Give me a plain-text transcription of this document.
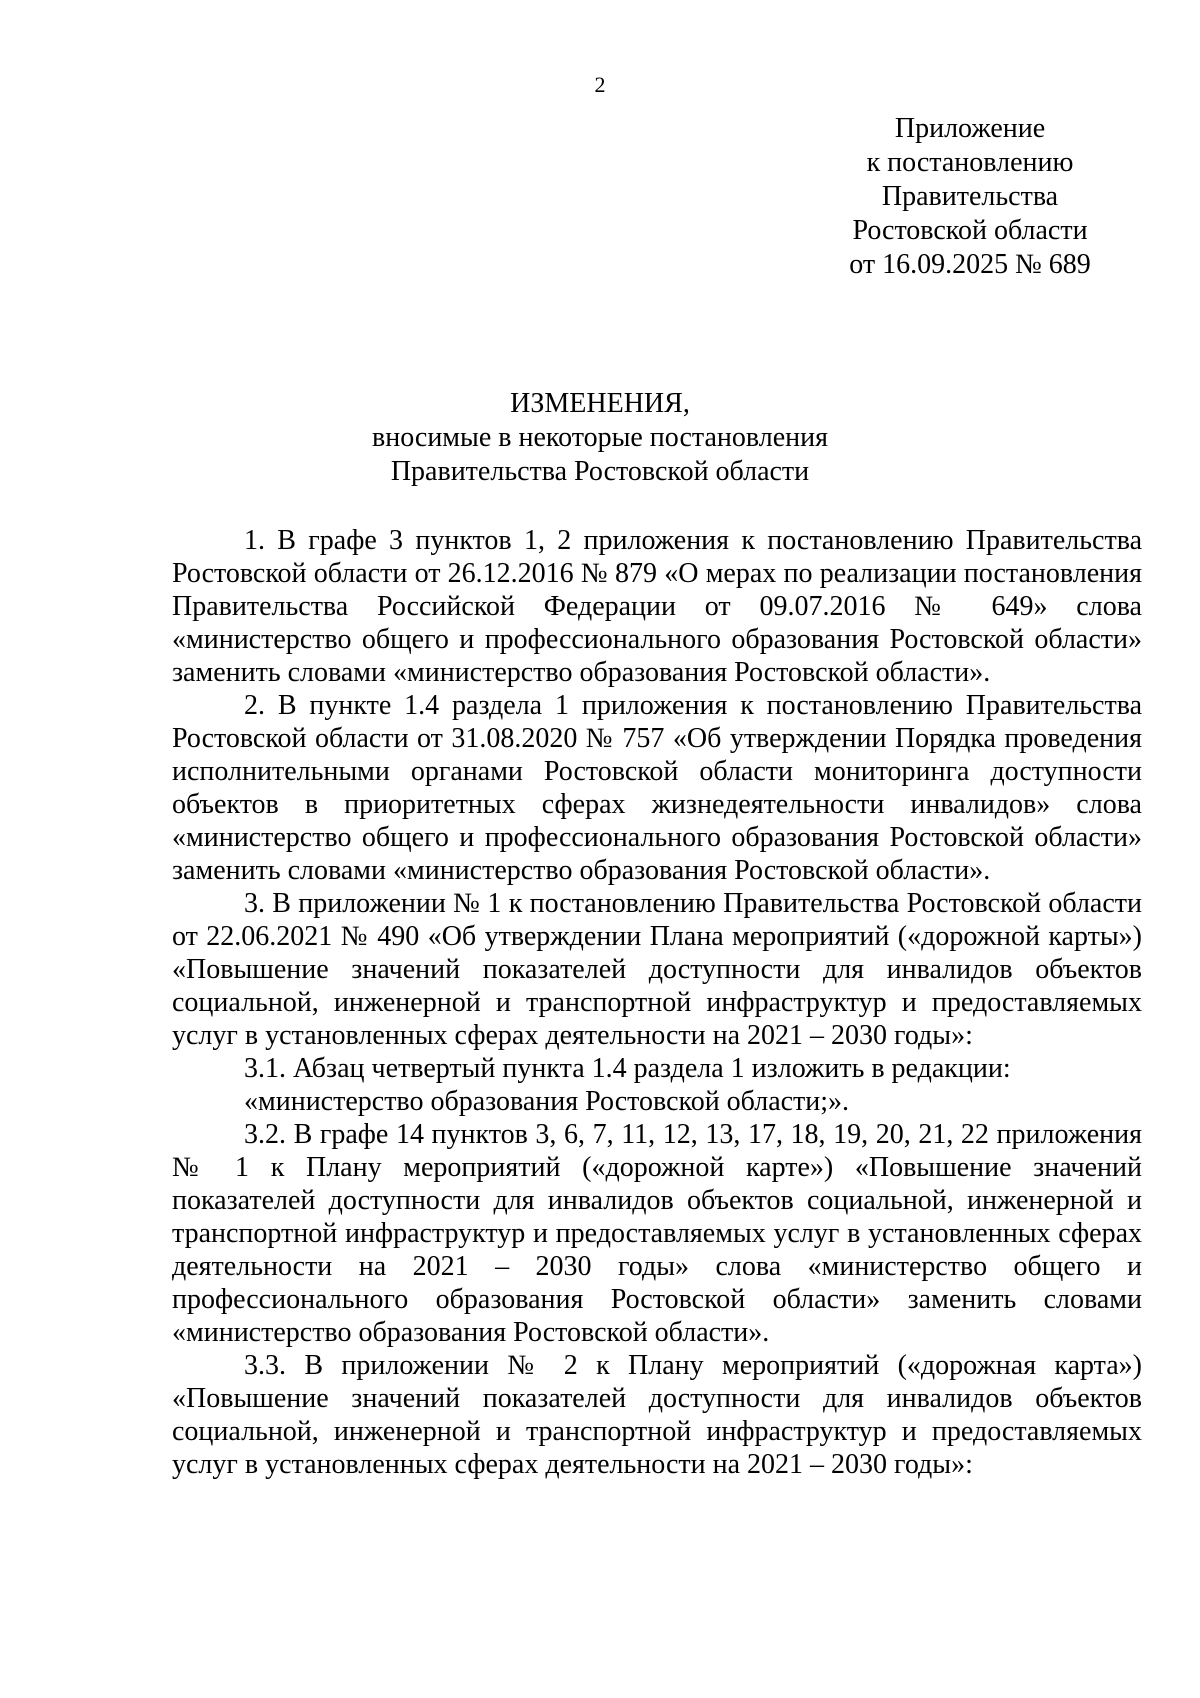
2
Приложение
к постановлению
Правительства
Ростовской области
от 16.09.2025 № 689
ИЗМЕНЕНИЯ,
вносимые в некоторые постановления
Правительства Ростовской области

1. В графе 3 пунктов 1, 2 приложения к постановлению Правительства Ростовской области от 26.12.2016 № 879 «О мерах по реализации постановления Правительства Российской Федерации от 09.07.2016 № 649» слова «министерство общего и профессионального образования Ростовской области» заменить словами «министерство образования Ростовской области».

2. В пункте 1.4 раздела 1 приложения к постановлению Правительства Ростовской области от 31.08.2020 № 757 «Об утверждении Порядка проведения исполнительными органами Ростовской области мониторинга доступности объектов в приоритетных сферах жизнедеятельности инвалидов» слова «министерство общего и профессионального образования Ростовской области» заменить словами «министерство образования Ростовской области».

3. В приложении № 1 к постановлению Правительства Ростовской области от 22.06.2021 № 490 «Об утверждении Плана мероприятий («дорожной карты») «Повышение значений показателей доступности для инвалидов объектов социальной, инженерной и транспортной инфраструктур и предоставляемых услуг в установленных сферах деятельности на 2021 – 2030 годы»:

3.1. Абзац четвертый пункта 1.4 раздела 1 изложить в редакции:

«министерство образования Ростовской области;».

3.2. В графе 14 пунктов 3, 6, 7, 11, 12, 13, 17, 18, 19, 20, 21, 22 приложения № 1 к Плану мероприятий («дорожной карте») «Повышение значений показателей доступности для инвалидов объектов социальной, инженерной и транспортной инфраструктур и предоставляемых услуг в установленных сферах деятельности на 2021 – 2030 годы» слова «министерство общего и профессионального образования Ростовской области» заменить словами «министерство образования Ростовской области».

3.3. В приложении № 2 к Плану мероприятий («дорожная карта») «Повышение значений показателей доступности для инвалидов объектов социальной, инженерной и транспортной инфраструктур и предоставляемых услуг в установленных сферах деятельности на 2021 – 2030 годы»:
